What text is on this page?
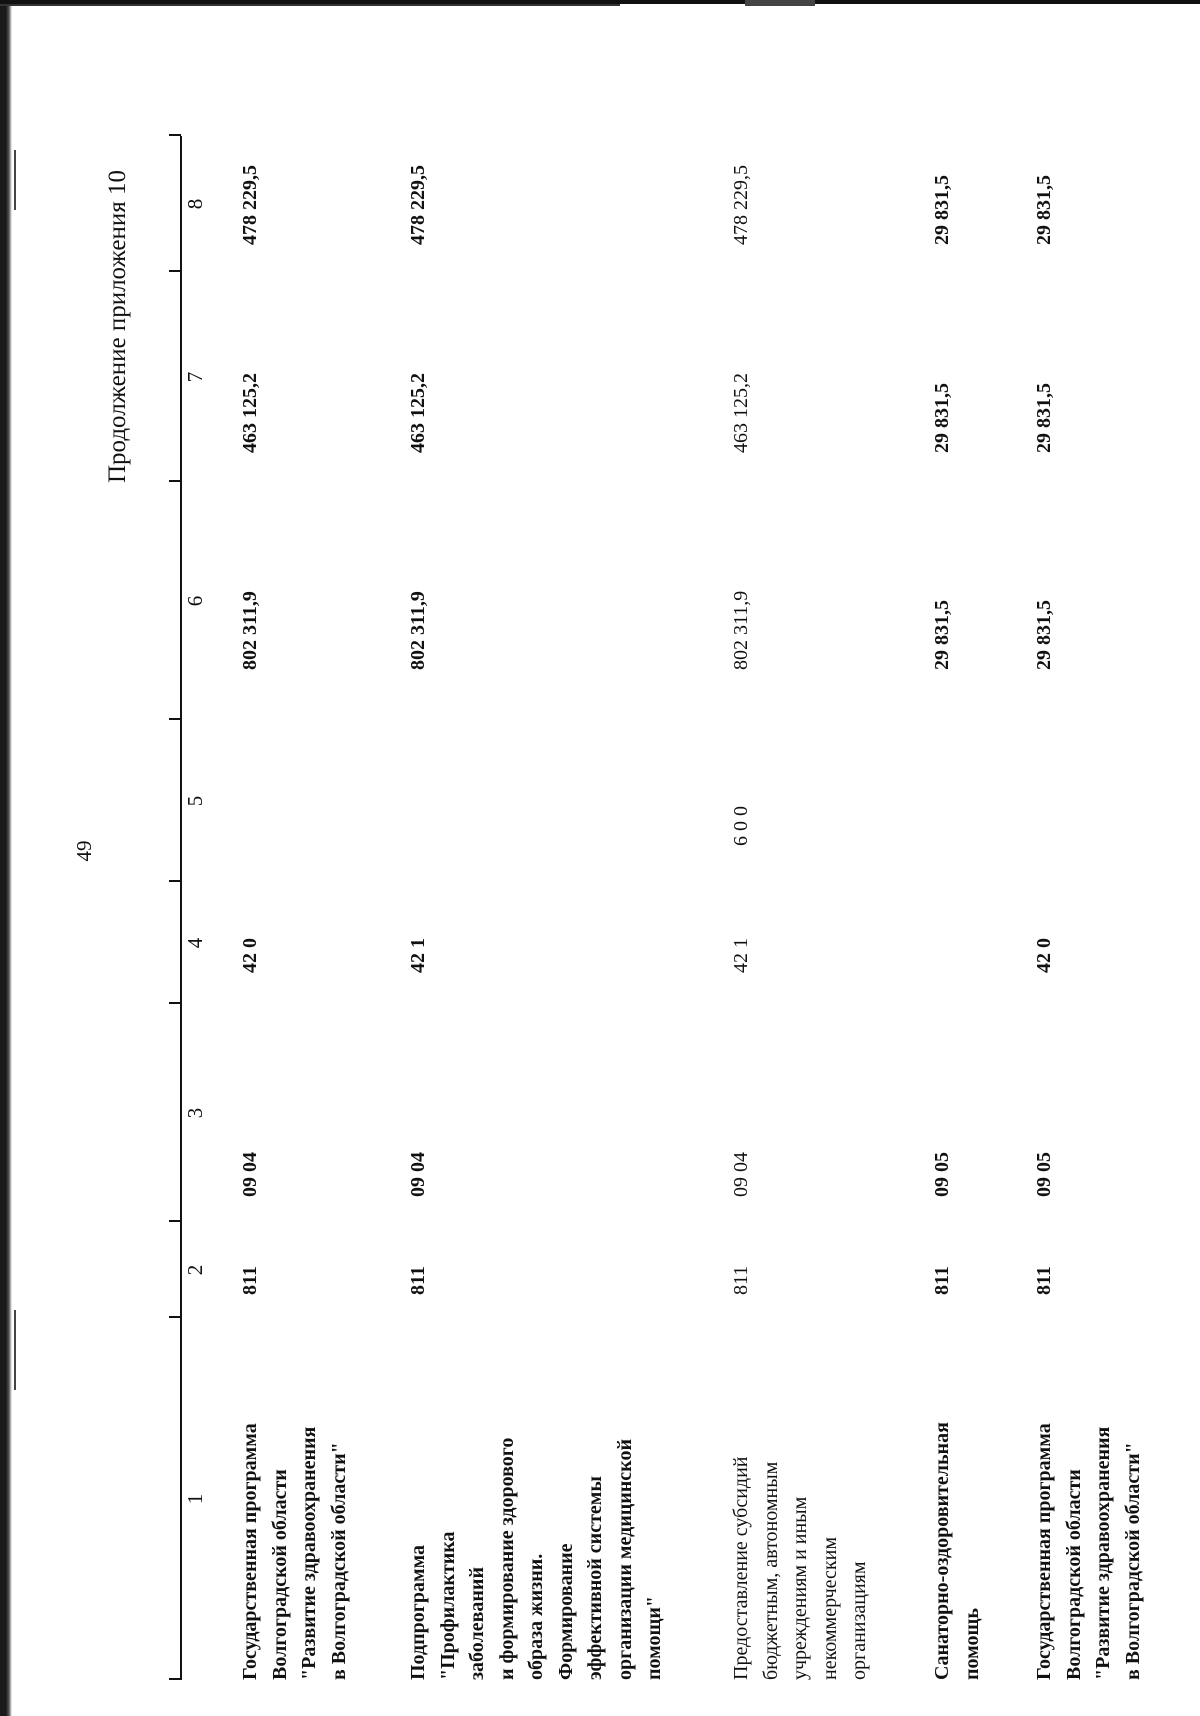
49
Продолжение приложения 10
1
2
3
4
5
6
7
8
Государственная программа Волгоградской области "Развитие здравоохранения в Волгоградской области"
811
09 04
42 0
802 311,9
463 125,2
478 229,5
Подпрограмма "Профилактика заболеваний и формирование здорового образа жизни. Формирование эффективной системы организации медицинской помощи"
811
09 04
42 1
802 311,9
463 125,2
478 229,5
Предоставление субсидий бюджетным, автономным учреждениям и иным некоммерческим организациям
811
09 04
42 1
6 0 0
802 311,9
463 125,2
478 229,5
Санаторно-оздоровительная помощь
811
09 05
29 831,5
29 831,5
29 831,5
Государственная программа Волгоградской области "Развитие здравоохранения в Волгоградской области"
811
09 05
42 0
29 831,5
29 831,5
29 831,5
